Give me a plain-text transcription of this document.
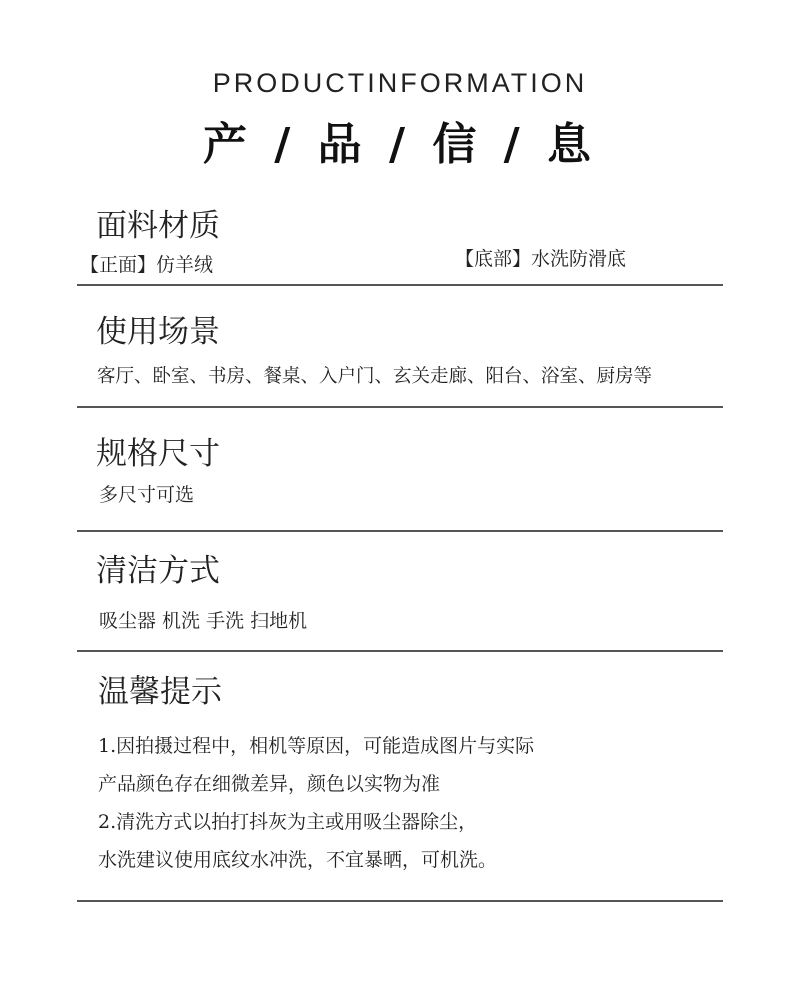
PRODUCTINFORMATION
产 / 品 / 信 / 息
面料材质
【正面】仿羊绒	【底部】水洗防滑底
使用场景
客厅、卧室、书房、餐桌、入户门、玄关走廊、阳台、浴室、厨房等
规格尺寸
多尺寸可选
清洁方式
吸尘器 机洗 手洗 扫地机
温馨提示
1.因拍摄过程中，相机等原因，可能造成图片与实际
产品颜色存在细微差异，颜色以实物为准
2.清洗方式以拍打抖灰为主或用吸尘器除尘，
水洗建议使用底纹水冲洗，不宜暴晒，可机洗。
